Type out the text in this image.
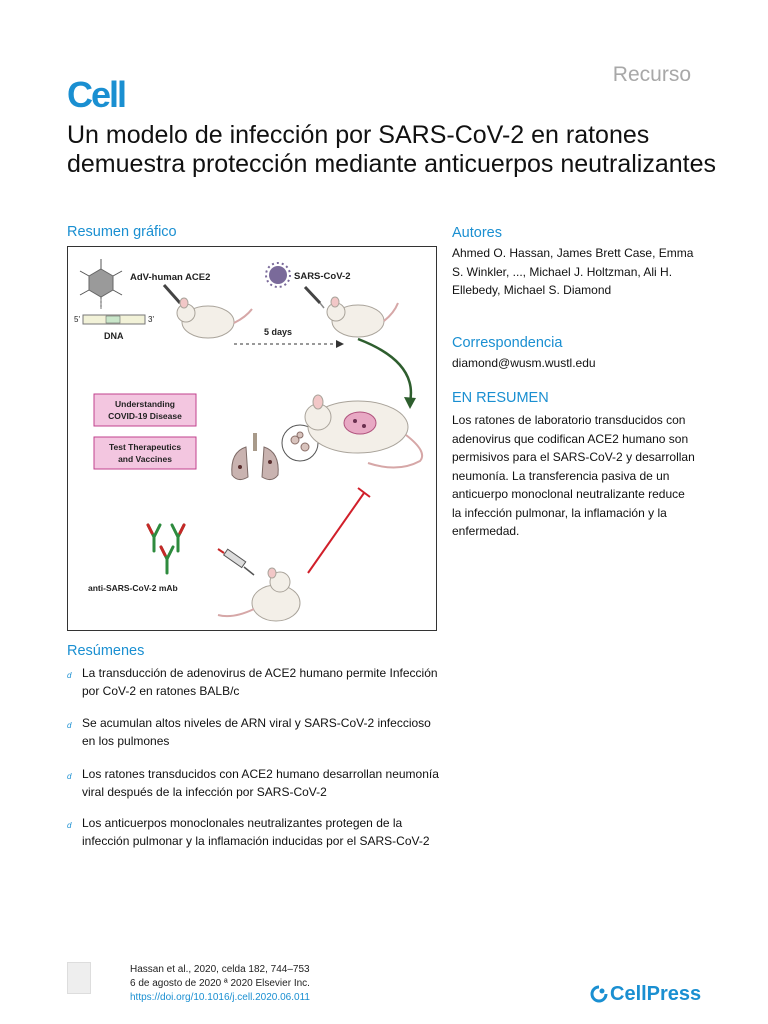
Cell	Recurso
Un modelo de infección por SARS-CoV-2 en ratones demuestra protección mediante anticuerpos neutralizantes
Resumen gráfico
AdV-human ACE2
5'	3'
DNA
SARS-CoV-2
5 days
Understanding
COVID-19 Disease
Test Therapeutics
and Vaccines
anti-SARS-CoV-2 mAb
Autores
Ahmed O. Hassan, James Brett Case, Emma S. Winkler, ..., Michael J. Holtzman, Ali H. Ellebedy, Michael S. Diamond
Correspondencia
diamond@wusm.wustl.edu
EN RESUMEN
Los ratones de laboratorio transducidos con adenovirus que codifican ACE2 humano son permisivos para el SARS-CoV-2 y desarrollan neumonía. La transferencia pasiva de un anticuerpo monoclonal neutralizante reduce la infección pulmonar, la inflamación y la enfermedad.
Resúmenes
d La transducción de adenovirus de ACE2 humano permite Infección por CoV-2 en ratones BALB/c
d Se acumulan altos niveles de ARN viral y SARS-CoV-2 infeccioso en los pulmones
d Los ratones transducidos con ACE2 humano desarrollan neumonía viral después de la infección por SARS-CoV-2
d Los anticuerpos monoclonales neutralizantes protegen de la infección pulmonar y la inflamación inducidas por el SARS-CoV-2
Hassan et al., 2020, celda 182, 744–753
6 de agosto de 2020 ª 2020 Elsevier Inc.
https://doi.org/10.1016/j.cell.2020.06.011	CellPress
